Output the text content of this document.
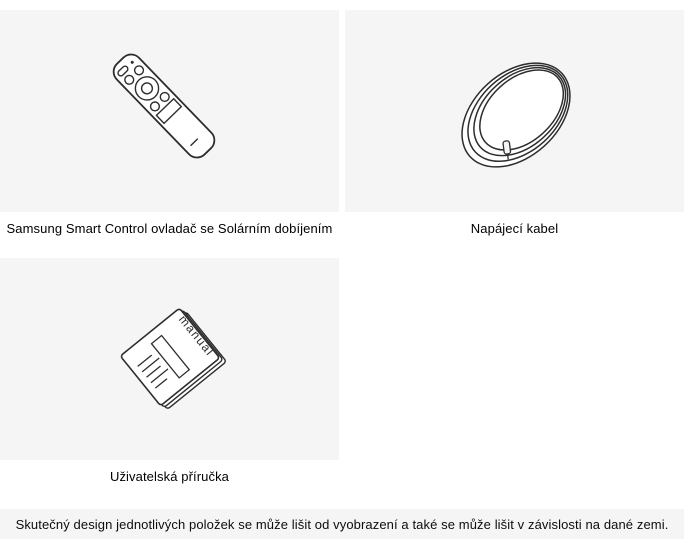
Samsung Smart Control ovladač se Solárním dobíjením	Napájecí kabel
manual
Uživatelská příručka
Skutečný design jednotlivých položek se může lišit od vyobrazení a také se může lišit v závislosti na dané zemi.
